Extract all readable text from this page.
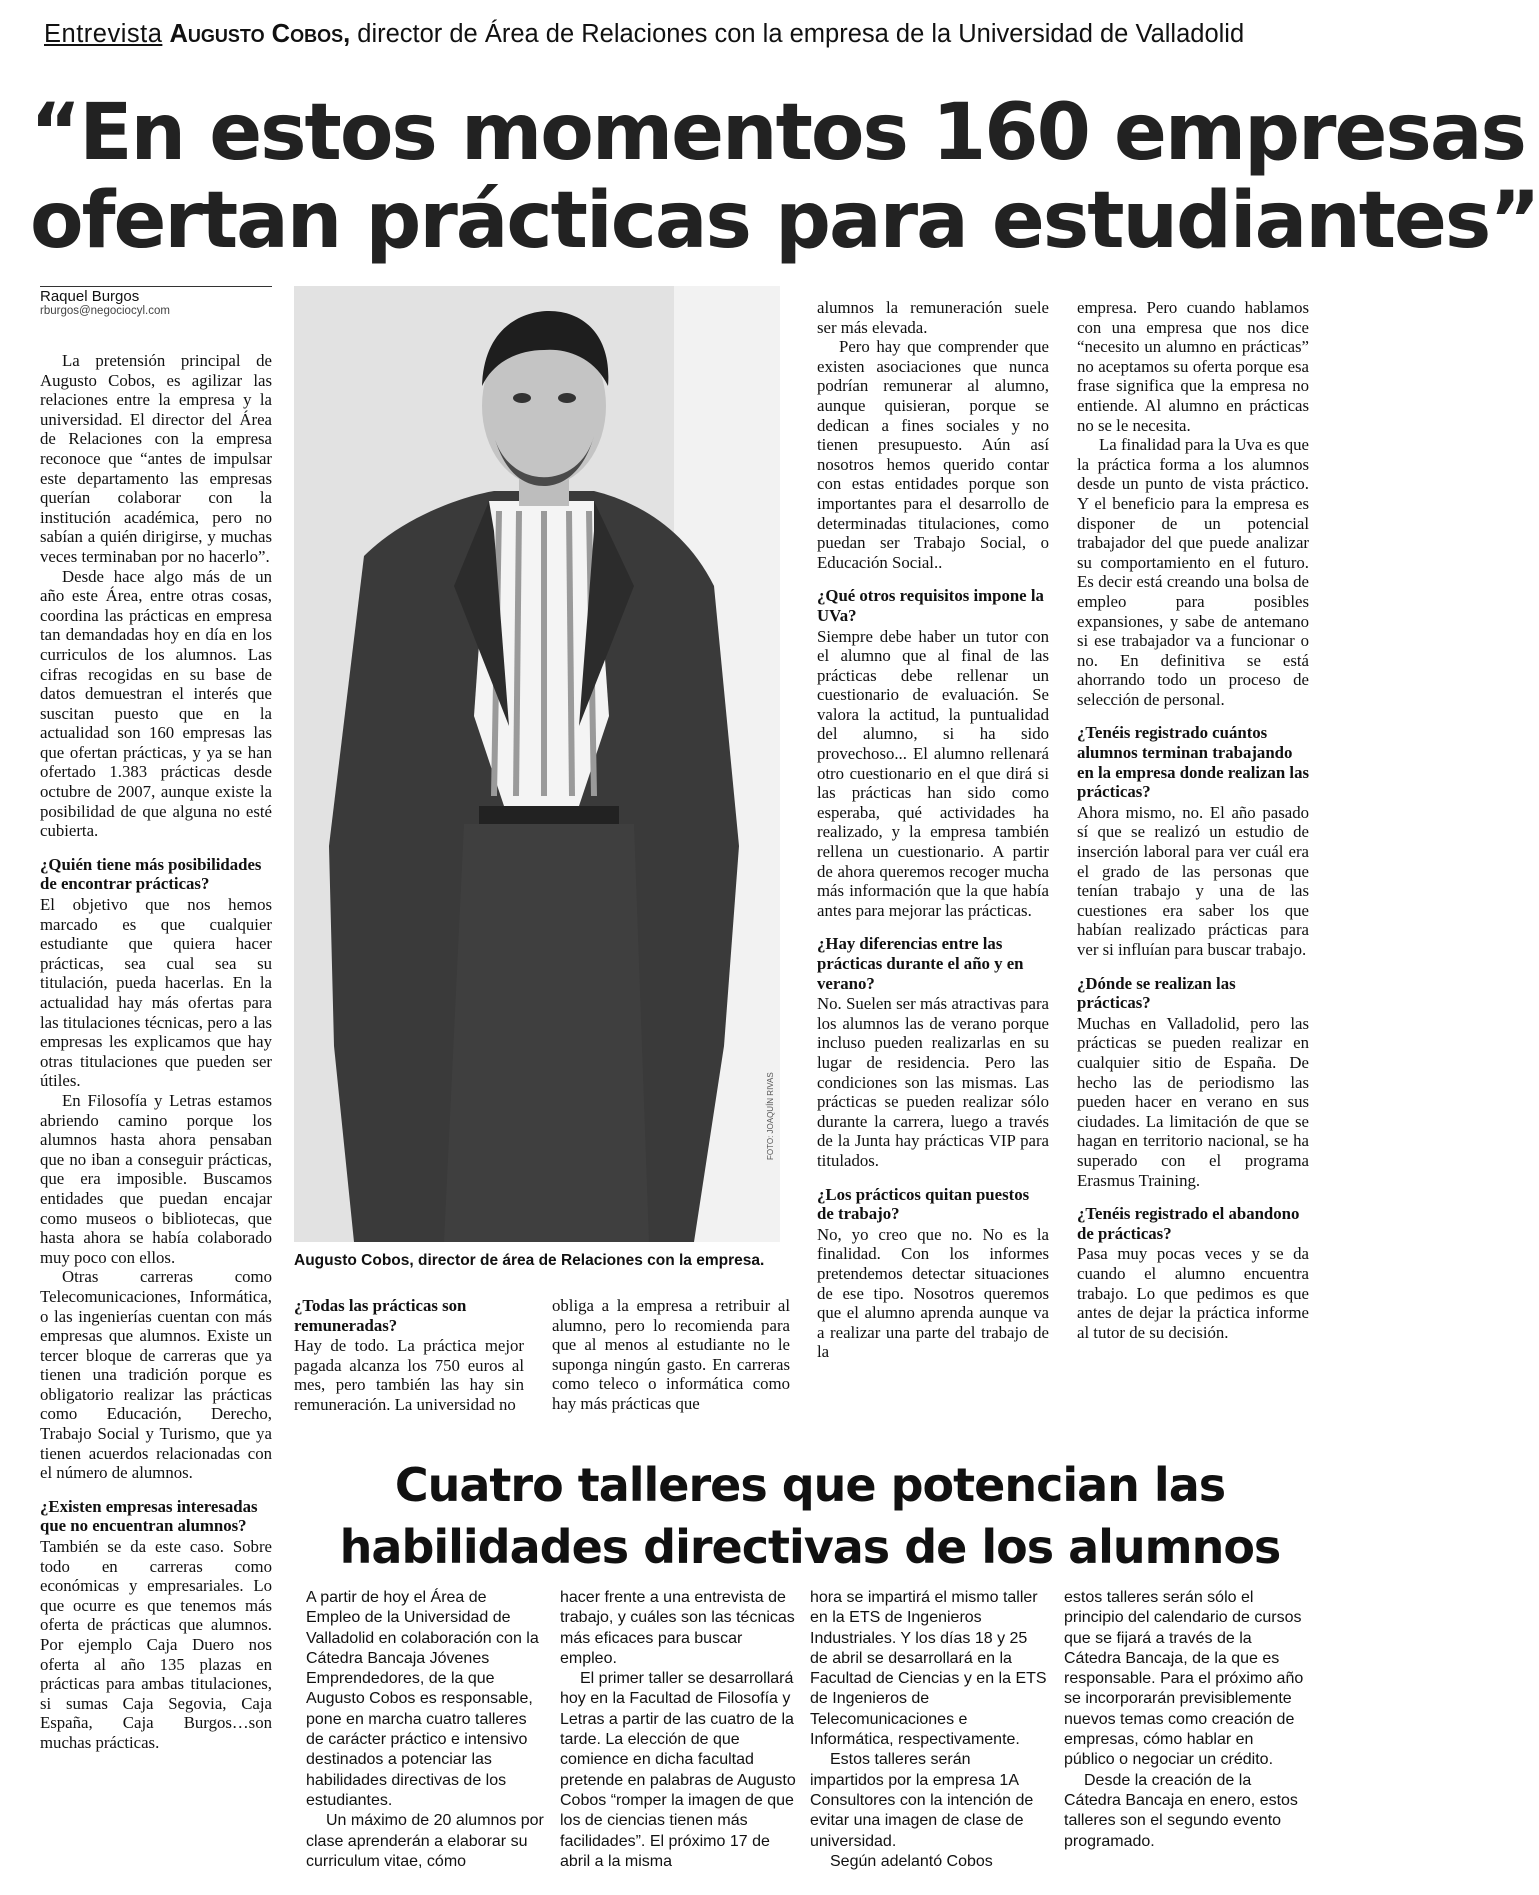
Entrevista Augusto Cobos, director de Área de Relaciones con la empresa de la Universidad de Valladolid
“En estos momentos 160 empresas
ofertan prácticas para estudiantes”
Raquel Burgos
rburgos@negociocyl.com

La pretensión principal de Augusto Cobos, es agilizar las relaciones entre la empresa y la universidad. El director del Área de Relaciones con la empresa reconoce que “antes de impulsar este departamento las empresas querían colaborar con la institución académica, pero no sabían a quién dirigirse, y muchas veces terminaban por no hacerlo”.

Desde hace algo más de un año este Área, entre otras cosas, coordina las prácticas en empresa tan demandadas hoy en día en los curriculos de los alumnos. Las cifras recogidas en su base de datos demuestran el interés que suscitan puesto que en la actualidad son 160 empresas las que ofertan prácticas, y ya se han ofertado 1.383 prácticas desde octubre de 2007, aunque existe la posibilidad de que alguna no esté cubierta.

¿Quién tiene más posibilidades de encontrar prácticas?

El objetivo que nos hemos marcado es que cualquier estudiante que quiera hacer prácticas, sea cual sea su titulación, pueda hacerlas. En la actualidad hay más ofertas para las titulaciones técnicas, pero a las empresas les explicamos que hay otras titulaciones que pueden ser útiles.

En Filosofía y Letras estamos abriendo camino porque los alumnos hasta ahora pensaban que no iban a conseguir prácticas, que era imposible. Buscamos entidades que puedan encajar como museos o bibliotecas, que hasta ahora se había colaborado muy poco con ellos.

Otras carreras como Telecomunicaciones, Informática, o las ingenierías cuentan con más empresas que alumnos. Existe un tercer bloque de carreras que ya tienen una tradición porque es obligatorio realizar las prácticas como Educación, Derecho, Trabajo Social y Turismo, que ya tienen acuerdos relacionadas con el número de alumnos.

¿Existen empresas interesadas que no encuentran alumnos?

También se da este caso. Sobre todo en carreras como económicas y empresariales. Lo que ocurre es que tenemos más oferta de prácticas que alumnos. Por ejemplo Caja Duero nos oferta al año 135 plazas en prácticas para ambas titulaciones, si sumas Caja Segovia, Caja España, Caja Burgos…son muchas prácticas.

FOTO: JOAQUÍN RIVAS
Augusto Cobos, director de área de Relaciones con la empresa.
¿Todas las prácticas son remuneradas?

Hay de todo. La práctica mejor pagada alcanza los 750 euros al mes, pero también las hay sin remuneración. La universidad no

obliga a la empresa a retribuir al alumno, pero lo recomienda para que al menos al estudiante no le suponga ningún gasto. En carreras como teleco o informática como hay más prácticas que

alumnos la remuneración suele ser más elevada.

Pero hay que comprender que existen asociaciones que nunca podrían remunerar al alumno, aunque quisieran, porque se dedican a fines sociales y no tienen presupuesto. Aún así nosotros hemos querido contar con estas entidades porque son importantes para el desarrollo de determinadas titulaciones, como puedan ser Trabajo Social, o Educación Social..

¿Qué otros requisitos impone la UVa?

Siempre debe haber un tutor con el alumno que al final de las prácticas debe rellenar un cuestionario de evaluación. Se valora la actitud, la puntualidad del alumno, si ha sido provechoso... El alumno rellenará otro cuestionario en el que dirá si las prácticas han sido como esperaba, qué actividades ha realizado, y la empresa también rellena un cuestionario. A partir de ahora queremos recoger mucha más información que la que había antes para mejorar las prácticas.

¿Hay diferencias entre las prácticas durante el año y en verano?

No. Suelen ser más atractivas para los alumnos las de verano porque incluso pueden realizarlas en su lugar de residencia. Pero las condiciones son las mismas. Las prácticas se pueden realizar sólo durante la carrera, luego a través de la Junta hay prácticas VIP para titulados.

¿Los prácticos quitan puestos de trabajo?

No, yo creo que no. No es la finalidad. Con los informes pretendemos detectar situaciones de ese tipo. Nosotros queremos que el alumno aprenda aunque va a realizar una parte del trabajo de la

empresa. Pero cuando hablamos con una empresa que nos dice “necesito un alumno en prácticas” no aceptamos su oferta porque esa frase significa que la empresa no entiende. Al alumno en prácticas no se le necesita.

La finalidad para la Uva es que la práctica forma a los alumnos desde un punto de vista práctico. Y el beneficio para la empresa es disponer de un potencial trabajador del que puede analizar su comportamiento en el futuro. Es decir está creando una bolsa de empleo para posibles expansiones, y sabe de antemano si ese trabajador va a funcionar o no. En definitiva se está ahorrando todo un proceso de selección de personal.

¿Tenéis registrado cuántos alumnos terminan trabajando en la empresa donde realizan las prácticas?

Ahora mismo, no. El año pasado sí que se realizó un estudio de inserción laboral para ver cuál era el grado de las personas que tenían trabajo y una de las cuestiones era saber los que habían realizado prácticas para ver si influían para buscar trabajo.

¿Dónde se realizan las prácticas?

Muchas en Valladolid, pero las prácticas se pueden realizar en cualquier sitio de España. De hecho las de periodismo las pueden hacer en verano en sus ciudades. La limitación de que se hagan en territorio nacional, se ha superado con el programa Erasmus Training.

¿Tenéis registrado el abandono de prácticas?

Pasa muy pocas veces y se da cuando el alumno encuentra trabajo. Lo que pedimos es que antes de dejar la práctica informe al tutor de su decisión.

Cuatro talleres que potencian las
habilidades directivas de los alumnos

A partir de hoy el Área de Empleo de la Universidad de Valladolid en colaboración con la Cátedra Bancaja Jóvenes Emprendedores, de la que Augusto Cobos es responsable, pone en marcha cuatro talleres de carácter práctico e intensivo destinados a potenciar las habilidades directivas de los estudiantes.

Un máximo de 20 alumnos por clase aprenderán a elaborar su curriculum vitae, cómo

hacer frente a una entrevista de trabajo, y cuáles son las técnicas más eficaces para buscar empleo.

El primer taller se desarrollará hoy en la Facultad de Filosofía y Letras a partir de las cuatro de la tarde. La elección de que comience en dicha facultad pretende en palabras de Augusto Cobos “romper la imagen de que los de ciencias tienen más facilidades”. El próximo 17 de abril a la misma

hora se impartirá el mismo taller en la ETS de Ingenieros Industriales. Y los días 18 y 25 de abril se desarrollará en la Facultad de Ciencias y en la ETS de Ingenieros de Telecomunicaciones e Informática, respectivamente.

Estos talleres serán impartidos por la empresa 1A Consultores con la intención de evitar una imagen de clase de universidad.

Según adelantó Cobos

estos talleres serán sólo el principio del calendario de cursos que se fijará a través de la Cátedra Bancaja, de la que es responsable. Para el próximo año se incorporarán previsiblemente nuevos temas como creación de empresas, cómo hablar en público o negociar un crédito.

Desde la creación de la Cátedra Bancaja en enero, estos talleres son el segundo evento programado.
